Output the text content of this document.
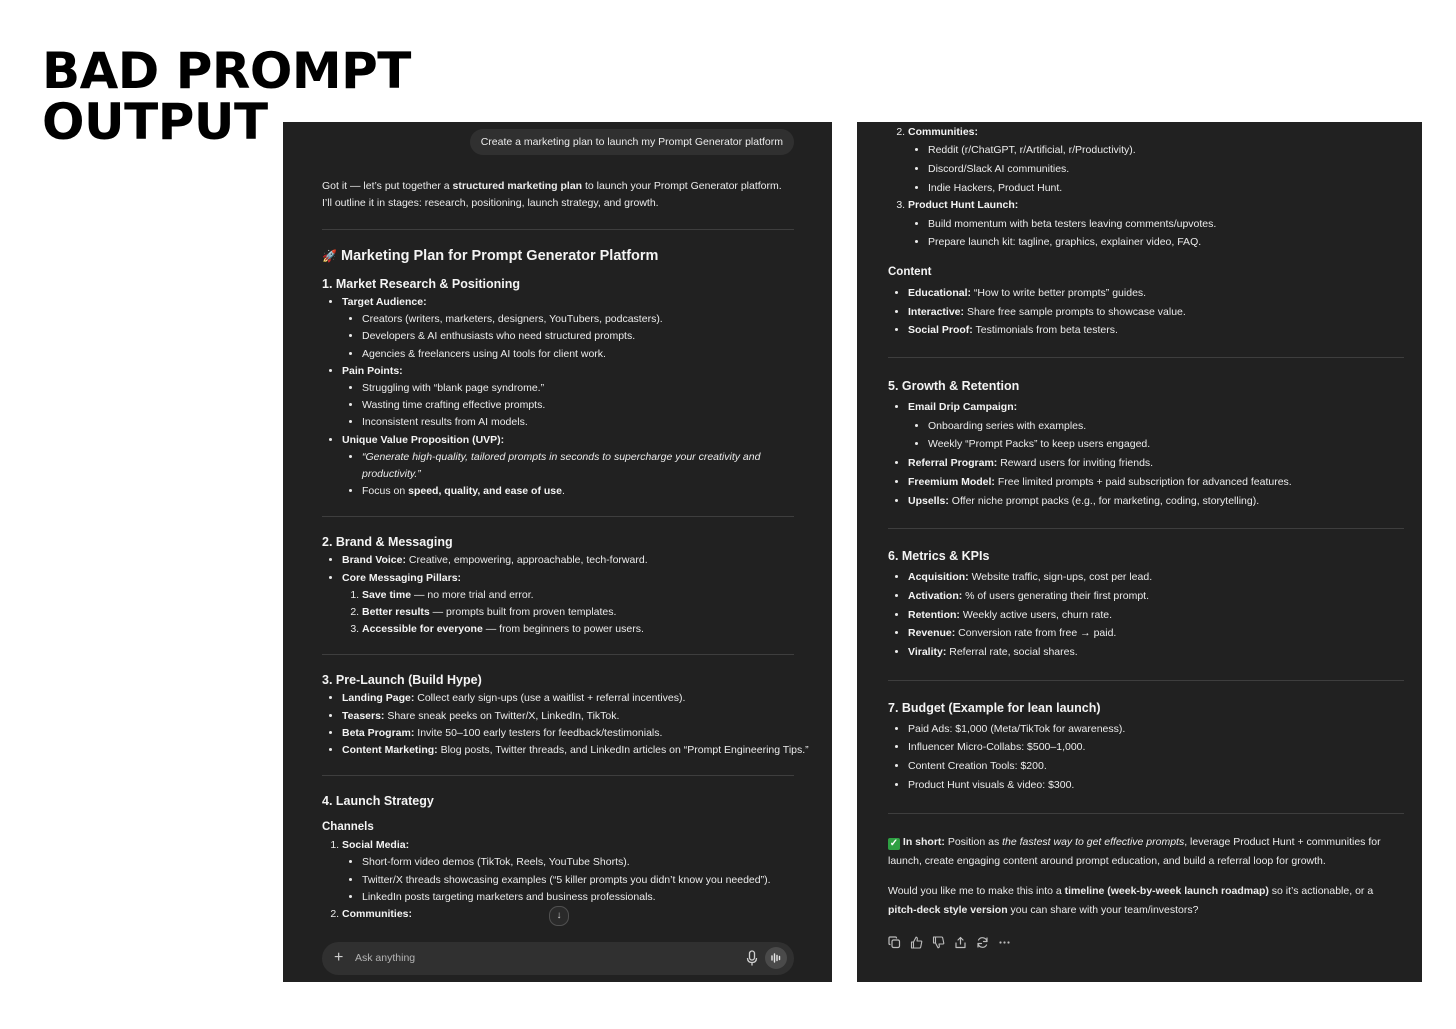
BAD PROMPT
OUTPUT	Create a marketing plan to launch my Prompt Generator platform

Got it — let’s put together a structured marketing plan to launch your Prompt Generator platform. I’ll outline it in stages: research, positioning, launch strategy, and growth.

🚀 Marketing Plan for Prompt Generator Platform
1. Market Research & Positioning
• Target Audience:
• Creators (writers, marketers, designers, YouTubers, podcasters).
• Developers & AI enthusiasts who need structured prompts.
• Agencies & freelancers using AI tools for client work.
• Pain Points:
• Struggling with “blank page syndrome.”
• Wasting time crafting effective prompts.
• Inconsistent results from AI models.
• Unique Value Proposition (UVP):
• “Generate high-quality, tailored prompts in seconds to supercharge your creativity and productivity.”
• Focus on speed, quality, and ease of use.
2. Brand & Messaging
• Brand Voice: Creative, empowering, approachable, tech-forward.
• Core Messaging Pillars:
1. Save time — no more trial and error.
2. Better results — prompts built from proven templates.
3. Accessible for everyone — from beginners to power users.
3. Pre-Launch (Build Hype)
• Landing Page: Collect early sign-ups (use a waitlist + referral incentives).
• Teasers: Share sneak peeks on Twitter/X, LinkedIn, TikTok.
• Beta Program: Invite 50–100 early testers for feedback/testimonials.
• Content Marketing: Blog posts, Twitter threads, and LinkedIn articles on “Prompt Engineering Tips.”
4. Launch Strategy
Channels
1. Social Media:
• Short-form video demos (TikTok, Reels, YouTube Shorts).
• Twitter/X threads showcasing examples (“5 killer prompts you didn’t know you needed”).
• LinkedIn posts targeting marketers and business professionals.
2. Communities:	↓
+
Ask anything
2. Communities:
• Reddit (r/ChatGPT, r/Artificial, r/Productivity).
• Discord/Slack AI communities.
• Indie Hackers, Product Hunt.
3. Product Hunt Launch:
• Build momentum with beta testers leaving comments/upvotes.
• Prepare launch kit: tagline, graphics, explainer video, FAQ.
Content
• Educational: “How to write better prompts” guides.
• Interactive: Share free sample prompts to showcase value.
• Social Proof: Testimonials from beta testers.
5. Growth & Retention
• Email Drip Campaign:
• Onboarding series with examples.
• Weekly “Prompt Packs” to keep users engaged.
• Referral Program: Reward users for inviting friends.
• Freemium Model: Free limited prompts + paid subscription for advanced features.
• Upsells: Offer niche prompt packs (e.g., for marketing, coding, storytelling).
6. Metrics & KPIs
• Acquisition: Website traffic, sign-ups, cost per lead.
• Activation: % of users generating their first prompt.
• Retention: Weekly active users, churn rate.
• Revenue: Conversion rate from free → paid.
• Virality: Referral rate, social shares.
7. Budget (Example for lean launch)
• Paid Ads: $1,000 (Meta/TikTok for awareness).
• Influencer Micro-Collabs: $500–1,000.
• Content Creation Tools: $200.
• Product Hunt visuals & video: $300.

✓ In short: Position as the fastest way to get effective prompts, leverage Product Hunt + communities for launch, create engaging content around prompt education, and build a referral loop for growth.

Would you like me to make this into a timeline (week-by-week launch roadmap) so it’s actionable, or a pitch-deck style version you can share with your team/investors?
